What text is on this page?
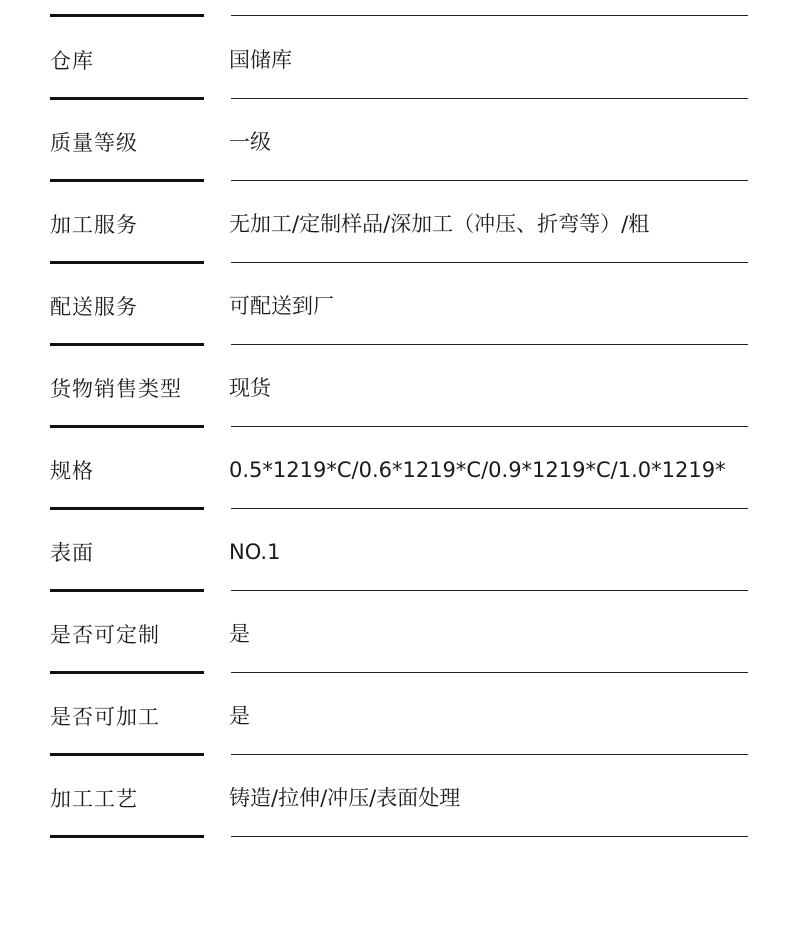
仓库	国储库
质量等级	一级
加工服务	无加工/定制样品/深加工（冲压、折弯等）/粗
配送服务	可配送到厂
货物销售类型 现货
规格	0.5*1219*C/0.6*1219*C/0.9*1219*C/1.0*1219*
表面	NO.1
是否可定制	是
是否可加工	是
加工工艺	铸造/拉伸/冲压/表面处理
